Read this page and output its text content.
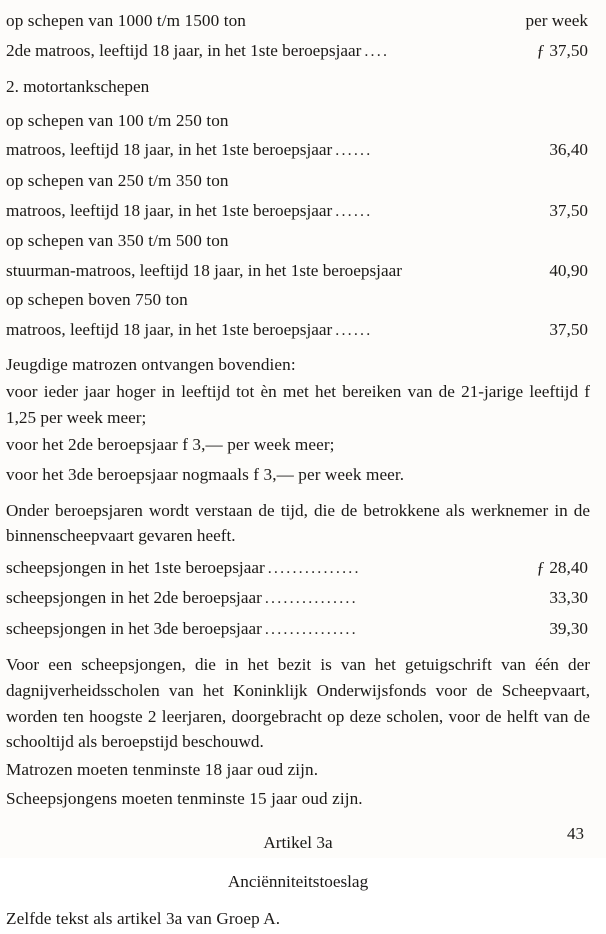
op schepen van 1000 t/m 1500 ton	per week
2de matroos, leeftijd 18 jaar, in het 1ste beroepsjaar ....	ƒ 37,50
2. motortankschepen
op schepen van 100 t/m 250 ton
matroos, leeftijd 18 jaar, in het 1ste beroepsjaar ......	36,40
op schepen van 250 t/m 350 ton
matroos, leeftijd 18 jaar, in het 1ste beroepsjaar ......	37,50
op schepen van 350 t/m 500 ton
stuurman-matroos, leeftijd 18 jaar, in het 1ste beroepsjaar	40,90
op schepen boven 750 ton
matroos, leeftijd 18 jaar, in het 1ste beroepsjaar ......	37,50
Jeugdige matrozen ontvangen bovendien:
voor ieder jaar hoger in leeftijd tot èn met het bereiken van de 21-jarige leeftijd f 1,25 per week meer;
voor het 2de beroepsjaar f 3,— per week meer;
voor het 3de beroepsjaar nogmaals f 3,— per week meer.
Onder beroepsjaren wordt verstaan de tijd, die de betrokkene als werknemer in de binnenscheepvaart gevaren heeft.
scheepsjongen in het 1ste beroepsjaar ...............	ƒ 28,40
scheepsjongen in het 2de beroepsjaar ...............	33,30
scheepsjongen in het 3de beroepsjaar ...............	39,30
Voor een scheepsjongen, die in het bezit is van het getuigschrift van één der dagnijverheidsscholen van het Koninklijk Onderwijsfonds voor de Scheepvaart, worden ten hoogste 2 leerjaren, doorgebracht op deze scholen, voor de helft van de schooltijd als beroepstijd beschouwd.
Matrozen moeten tenminste 18 jaar oud zijn.
Scheepsjongens moeten tenminste 15 jaar oud zijn.
Artikel 3a
Anciënniteitstoeslag
Zelfde tekst als artikel 3a van Groep A.
43
